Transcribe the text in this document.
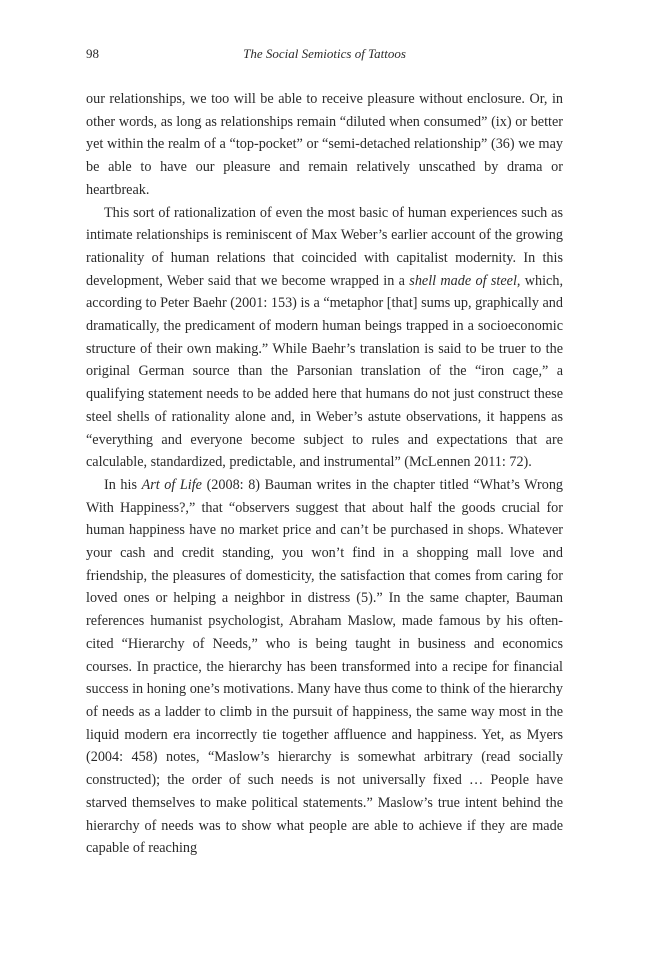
98	The Social Semiotics of Tattoos

our relationships, we too will be able to receive pleasure without enclosure. Or, in other words, as long as relationships remain “diluted when consumed” (ix) or better yet within the realm of a “top-pocket” or “semi-detached relationship” (36) we may be able to have our pleasure and remain relatively unscathed by drama or heartbreak.

This sort of rationalization of even the most basic of human experiences such as intimate relationships is reminiscent of Max Weber’s earlier account of the growing rationality of human relations that coincided with capitalist modernity. In this development, Weber said that we become wrapped in a shell made of steel, which, according to Peter Baehr (2001: 153) is a “metaphor [that] sums up, graphically and dramatically, the predicament of modern human beings trapped in a socioeconomic structure of their own making.” While Baehr’s translation is said to be truer to the original German source than the Parsonian translation of the “iron cage,” a qualifying statement needs to be added here that humans do not just construct these steel shells of rationality alone and, in Weber’s astute observations, it happens as “everything and everyone become subject to rules and expectations that are calculable, standardized, predictable, and instrumental” (McLennen 2011: 72).

In his Art of Life (2008: 8) Bauman writes in the chapter titled “What’s Wrong With Happiness?,” that “observers suggest that about half the goods crucial for human happiness have no market price and can’t be purchased in shops. Whatever your cash and credit standing, you won’t find in a shopping mall love and friendship, the pleasures of domesticity, the satisfaction that comes from caring for loved ones or helping a neighbor in distress (5).” In the same chapter, Bauman references humanist psychologist, Abraham Maslow, made famous by his often-cited “Hierarchy of Needs,” who is being taught in business and economics courses. In practice, the hierarchy has been transformed into a recipe for financial success in honing one’s motivations. Many have thus come to think of the hierarchy of needs as a ladder to climb in the pursuit of happiness, the same way most in the liquid modern era incorrectly tie together affluence and happiness. Yet, as Myers (2004: 458) notes, “Maslow’s hierarchy is somewhat arbitrary (read socially constructed); the order of such needs is not universally fixed … People have starved themselves to make political statements.” Maslow’s true intent behind the hierarchy of needs was to show what people are able to achieve if they are made capable of reaching
